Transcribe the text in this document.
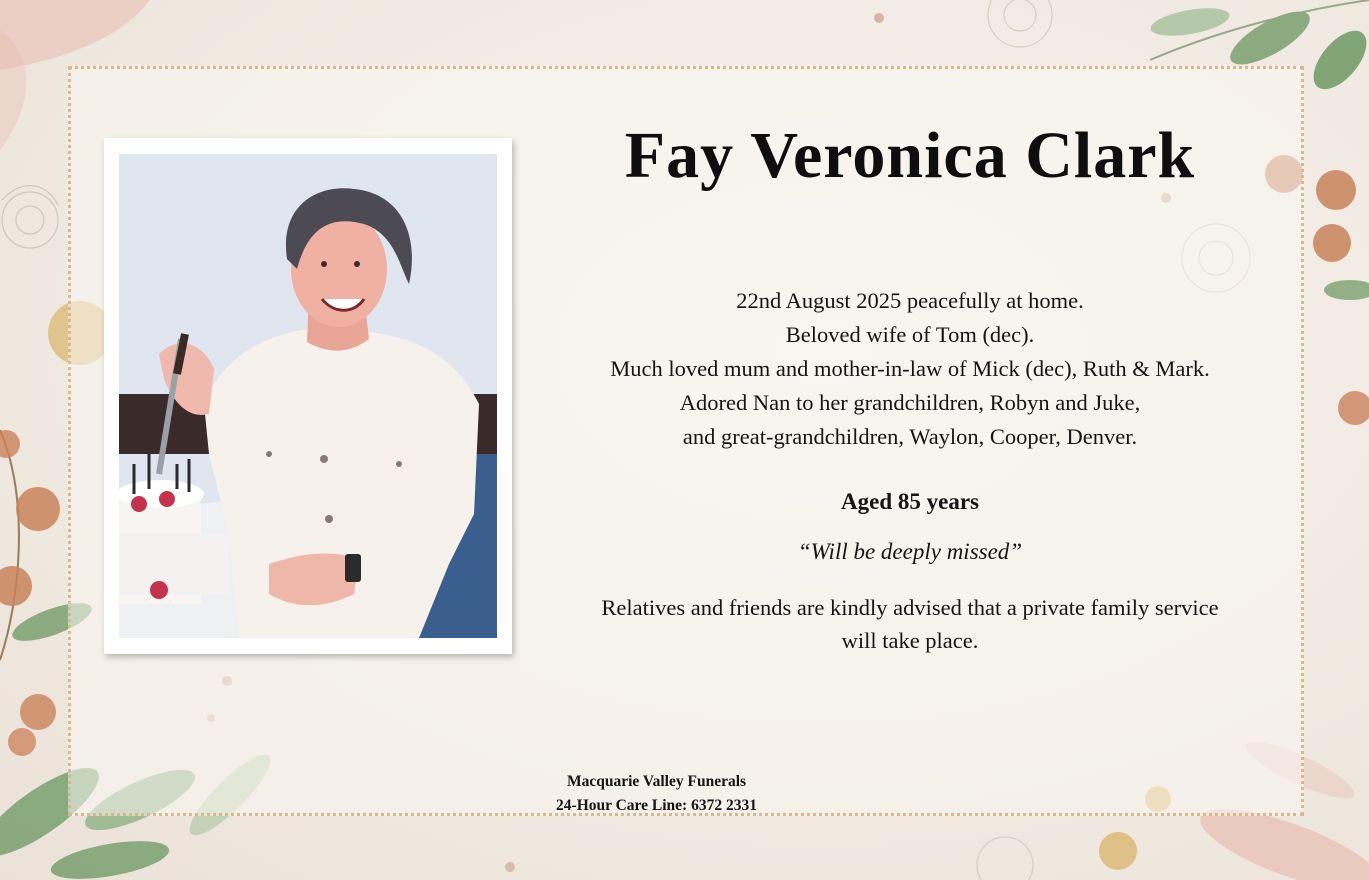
Fay Veronica Clark
22nd August 2025 peacefully at home.
Beloved wife of Tom (dec).
Much loved mum and mother-in-law of Mick (dec), Ruth & Mark.
Adored Nan to her grandchildren, Robyn and Juke,
and great-grandchildren, Waylon, Cooper, Denver.
Aged 85 years
“Will be deeply missed”
Relatives and friends are kindly advised that a private family service
will take place.
Macquarie Valley Funerals
24-Hour Care Line: 6372 2331
